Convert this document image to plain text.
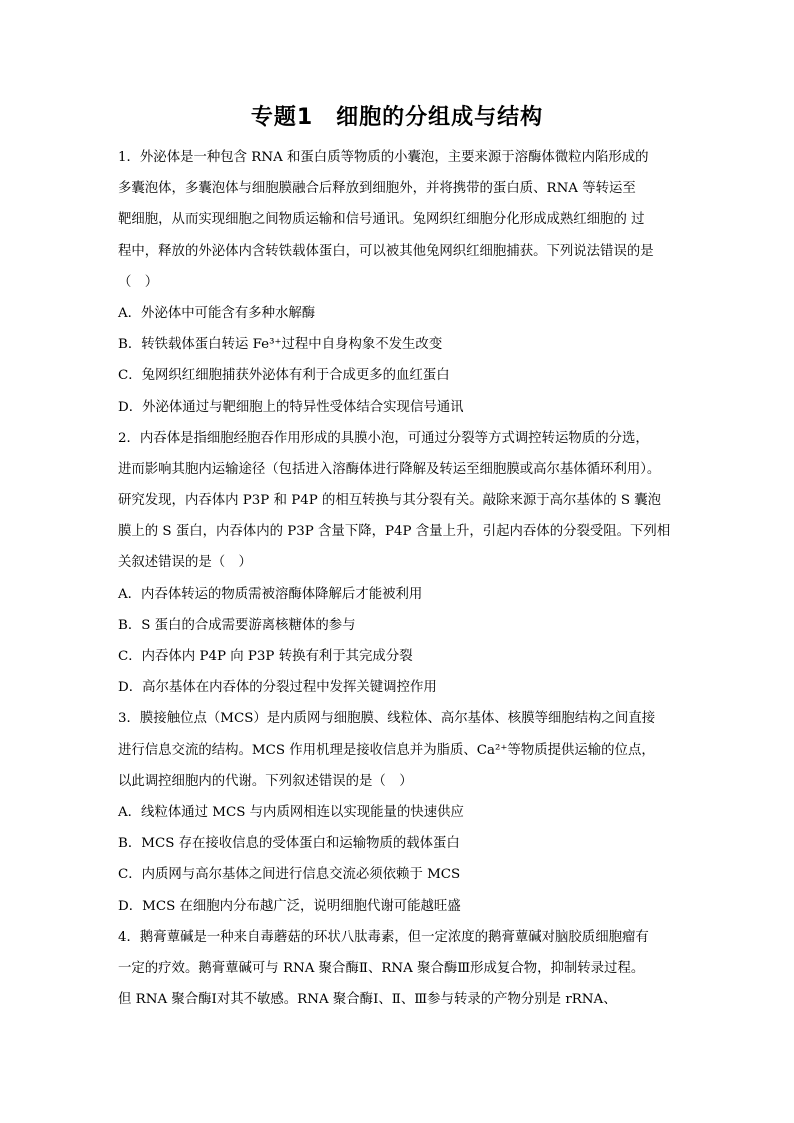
专题1　细胞的分组成与结构
1．外泌体是一种包含 RNA 和蛋白质等物质的小囊泡，主要来源于溶酶体微粒内陷形成的
多囊泡体，多囊泡体与细胞膜融合后释放到细胞外，并将携带的蛋白质、RNA 等转运至
靶细胞，从而实现细胞之间物质运输和信号通讯。兔网织红细胞分化形成成熟红细胞的 过
程中，释放的外泌体内含转铁载体蛋白，可以被其他兔网织红细胞捕获。下列说法错误的是
（　）
A．外泌体中可能含有多种水解酶
B．转铁载体蛋白转运 Fe³⁺过程中自身构象不发生改变
C．兔网织红细胞捕获外泌体有利于合成更多的血红蛋白
D．外泌体通过与靶细胞上的特异性受体结合实现信号通讯
2．内吞体是指细胞经胞吞作用形成的具膜小泡，可通过分裂等方式调控转运物质的分选，
进而影响其胞内运输途径（包括进入溶酶体进行降解及转运至细胞膜或高尔基体循环利用）。
研究发现，内吞体内 P3P 和 P4P 的相互转换与其分裂有关。敲除来源于高尔基体的 S 囊泡
膜上的 S 蛋白，内吞体内的 P3P 含量下降，P4P 含量上升，引起内吞体的分裂受阻。下列相
关叙述错误的是（　）
A．内吞体转运的物质需被溶酶体降解后才能被利用
B．S 蛋白的合成需要游离核糖体的参与
C．内吞体内 P4P 向 P3P 转换有利于其完成分裂
D．高尔基体在内吞体的分裂过程中发挥关键调控作用
3．膜接触位点（MCS）是内质网与细胞膜、线粒体、高尔基体、核膜等细胞结构之间直接
进行信息交流的结构。MCS 作用机理是接收信息并为脂质、Ca²⁺等物质提供运输的位点，
以此调控细胞内的代谢。下列叙述错误的是（　）
A．线粒体通过 MCS 与内质网相连以实现能量的快速供应
B．MCS 存在接收信息的受体蛋白和运输物质的载体蛋白
C．内质网与高尔基体之间进行信息交流必须依赖于 MCS
D．MCS 在细胞内分布越广泛，说明细胞代谢可能越旺盛
4．鹅膏蕈碱是一种来自毒蘑菇的环状八肽毒素，但一定浓度的鹅膏蕈碱对脑胶质细胞瘤有
一定的疗效。鹅膏蕈碱可与 RNA 聚合酶Ⅱ、RNA 聚合酶Ⅲ形成复合物，抑制转录过程。
但 RNA 聚合酶Ⅰ对其不敏感。RNA 聚合酶Ⅰ、Ⅱ、Ⅲ参与转录的产物分别是 rRNA、
